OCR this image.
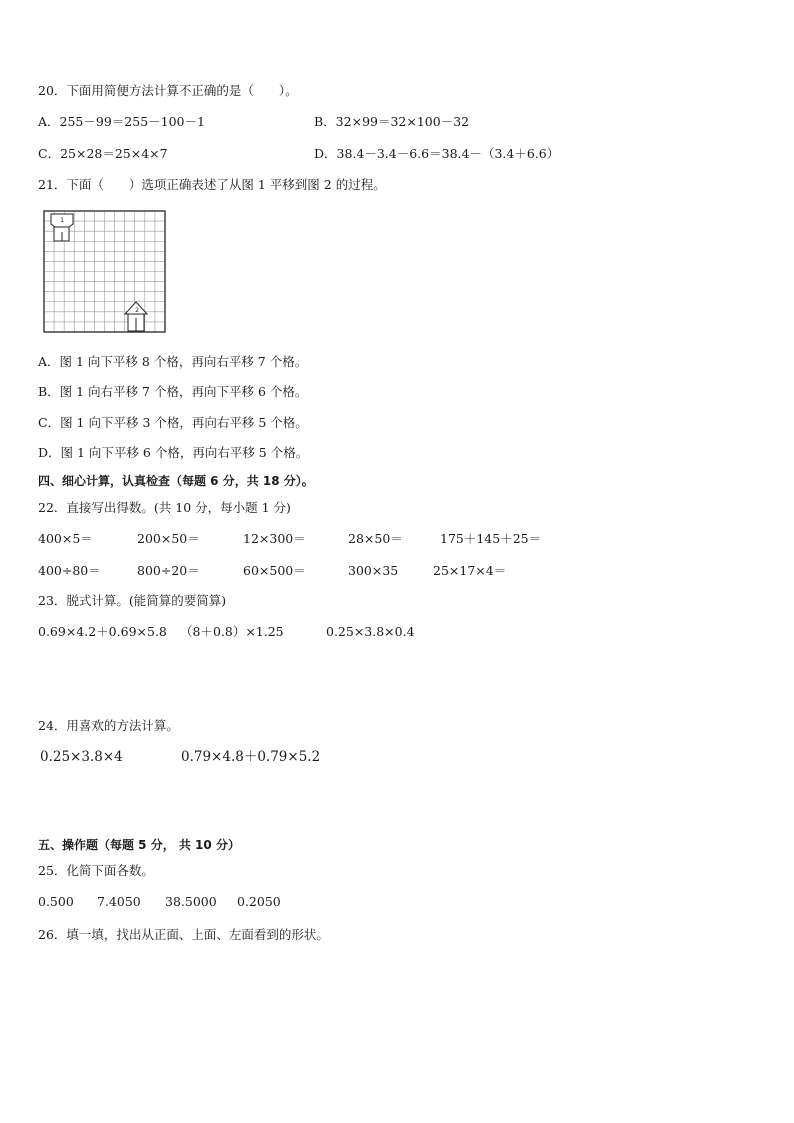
20．下面用简便方法计算不正确的是（　　）。
A．255－99＝255－100－1	B．32×99＝32×100－32
C．25×28＝25×4×7	D．38.4－3.4－6.6＝38.4－（3.4＋6.6）
21．下面（　　）选项正确表述了从图 1 平移到图 2 的过程。
1
2
A．图 1 向下平移 8 个格，再向右平移 7 个格。
B．图 1 向右平移 7 个格，再向下平移 6 个格。
C．图 1 向下平移 3 个格，再向右平移 5 个格。
D．图 1 向下平移 6 个格，再向右平移 5 个格。
四、细心计算，认真检查（每题 6 分，共 18 分）。
22．直接写出得数。(共 10 分，每小题 1 分)
400×5＝	200×50＝	12×300＝	28×50＝	175＋145＋25＝
400÷80＝	800÷20＝	60×500＝	300×35	25×17×4＝
23．脱式计算。(能简算的要简算)
0.69×4.2＋0.69×5.8 （8＋0.8）×1.25	0.25×3.8×0.4
24．用喜欢的方法计算。
0.25×3.8×4	0.79×4.8＋0.79×5.2
五、操作题（每题 5 分， 共 10 分）
25．化简下面各数。
0.500 7.4050 38.5000 0.2050
26．填一填，找出从正面、上面、左面看到的形状。
